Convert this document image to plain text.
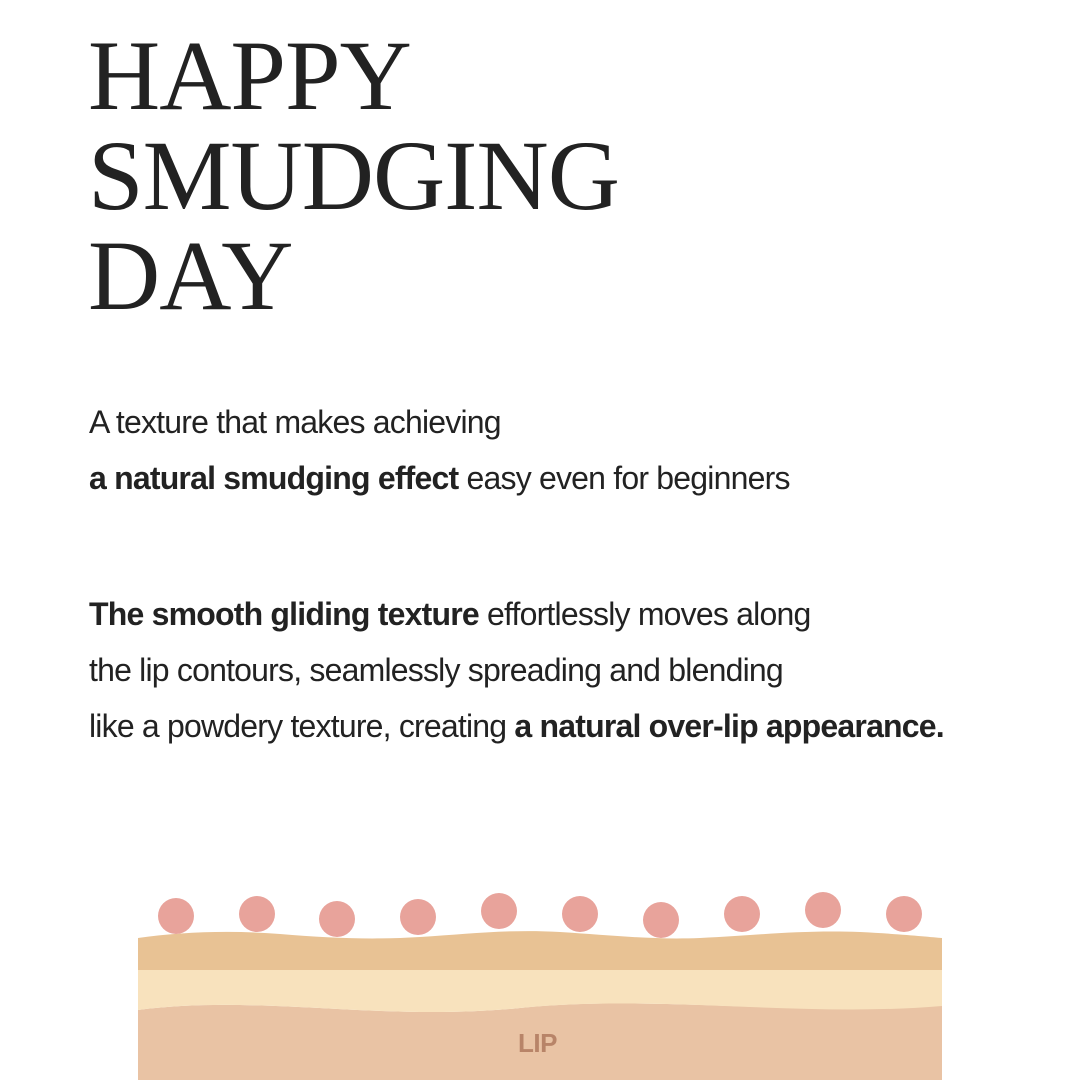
HAPPY
SMUDGING
DAY

A texture that makes achieving
a natural smudging effect easy even for beginners

The smooth gliding texture effortlessly moves along
the lip contours, seamlessly spreading and blending
like a powdery texture, creating a natural over-lip appearance.

LIP
